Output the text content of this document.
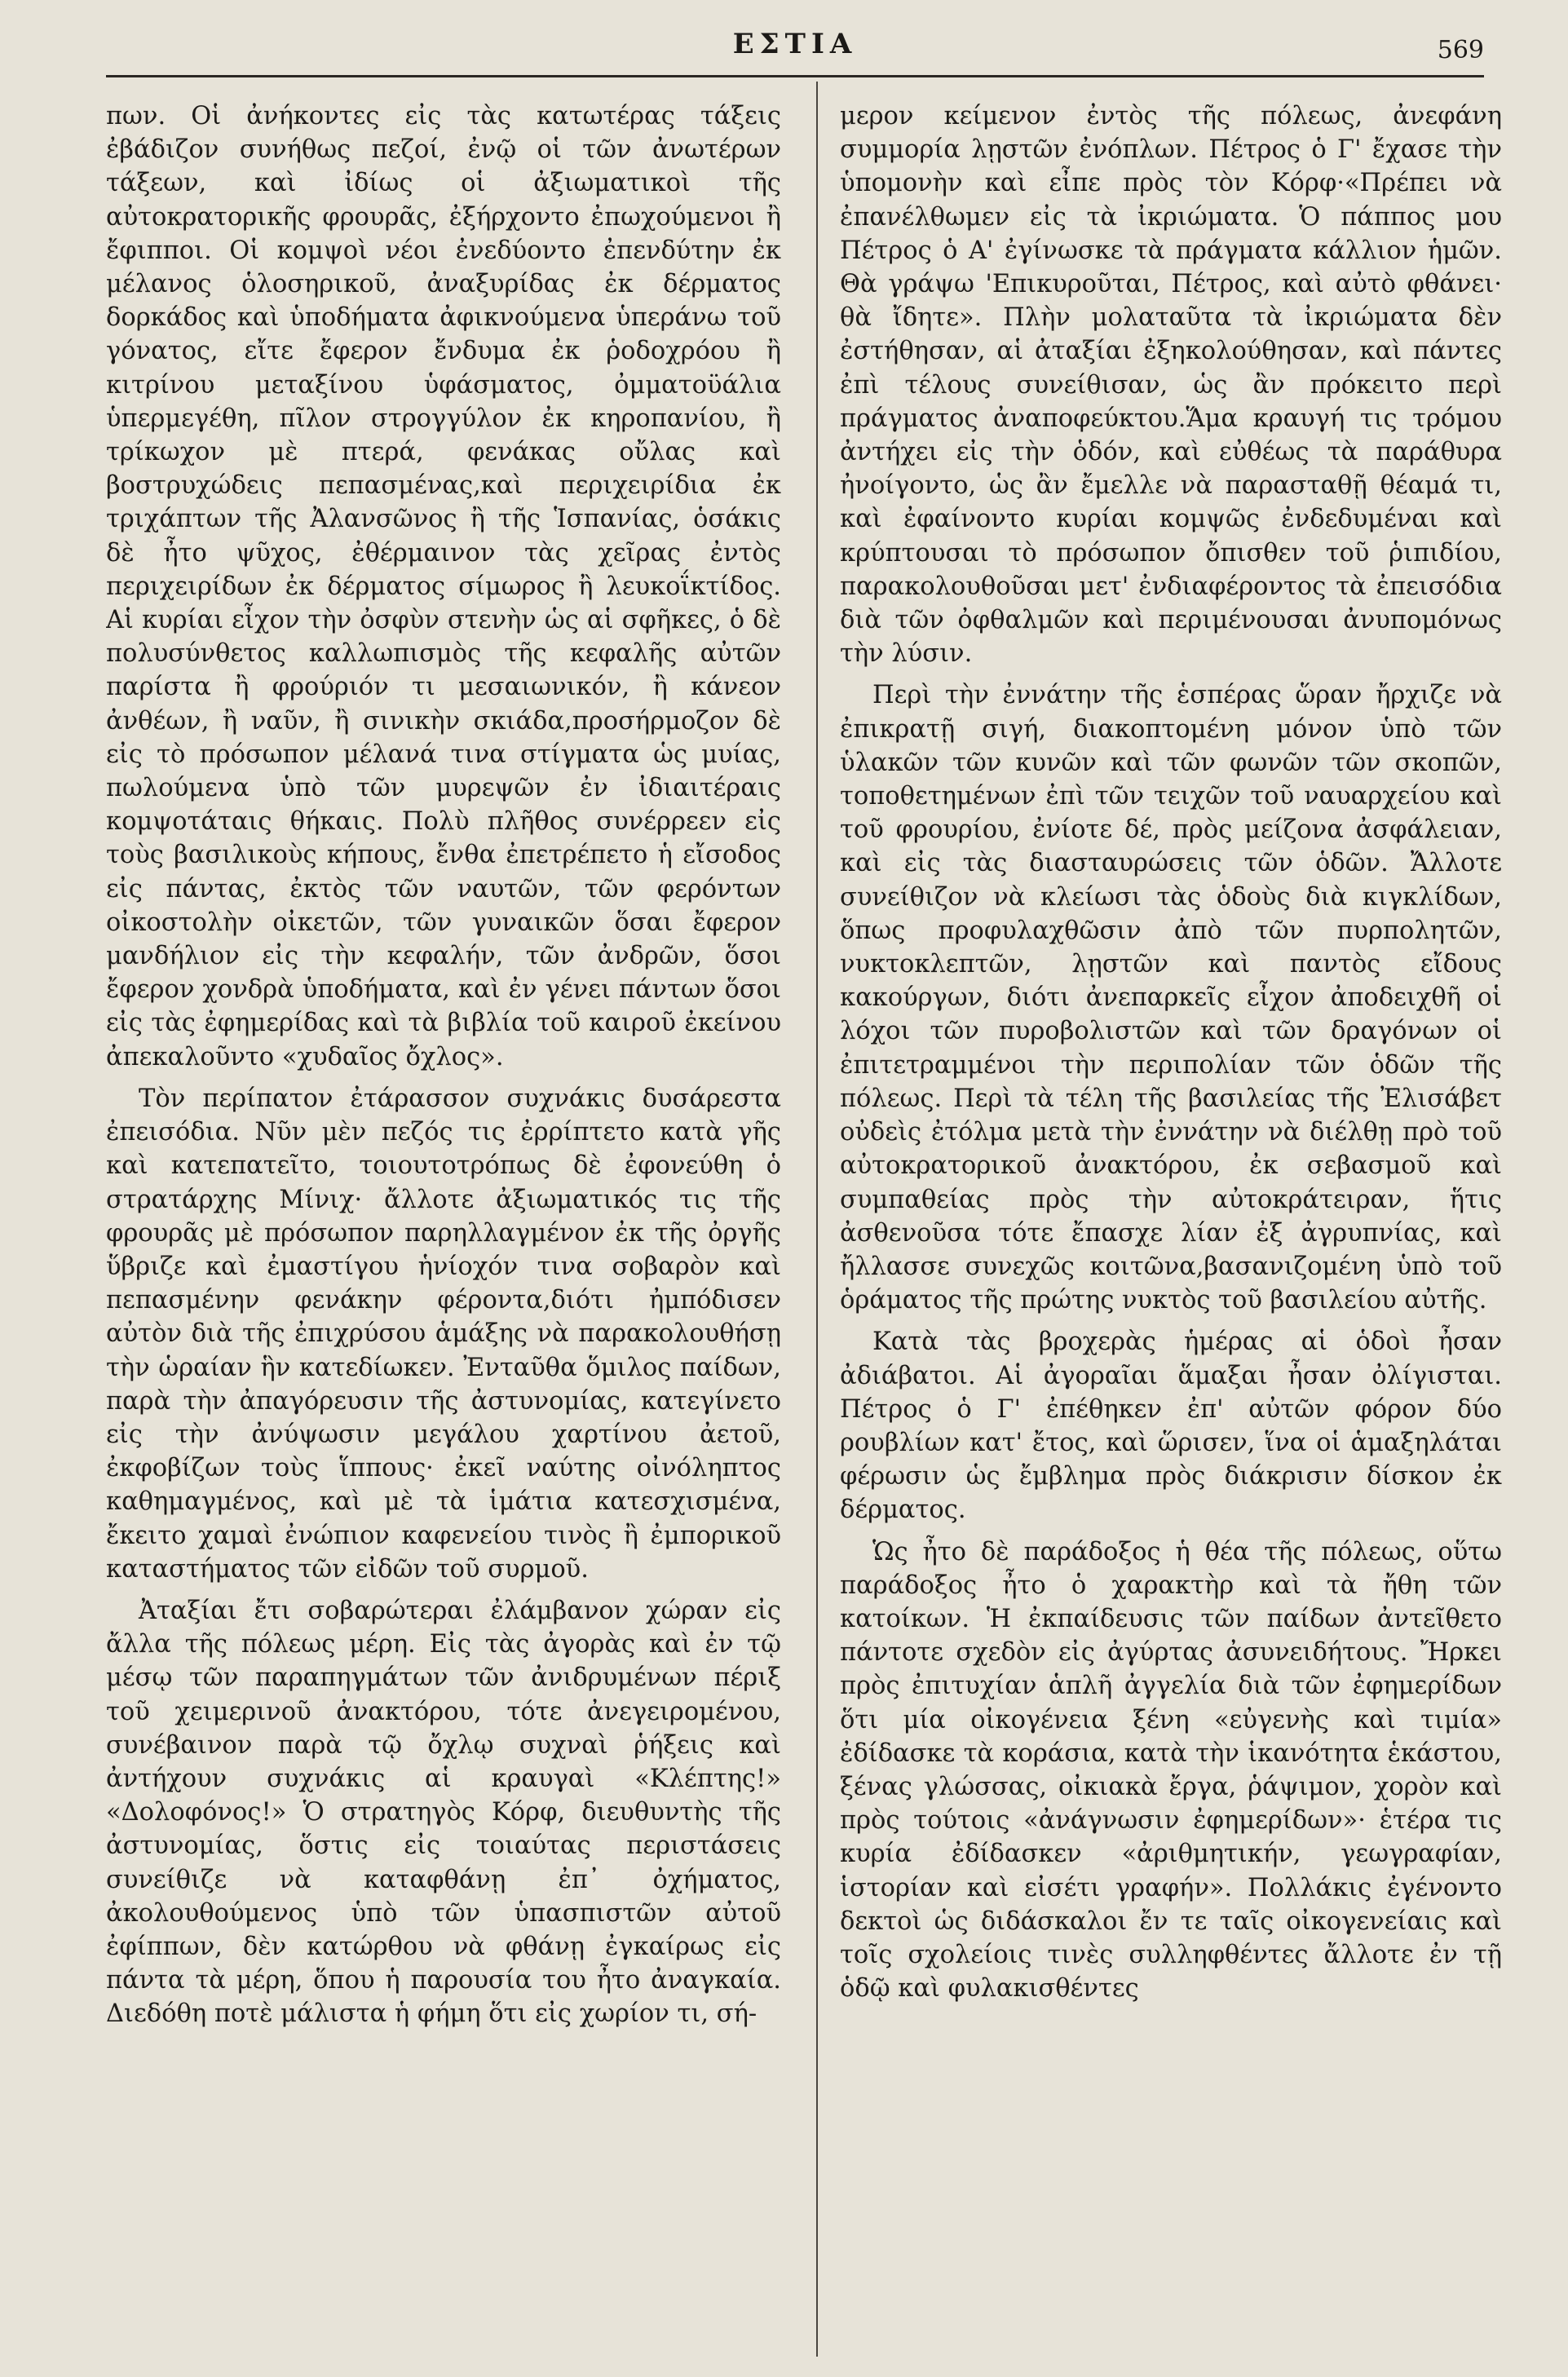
ΕΣΤΙΑ	569

πων. Οἱ ἀνήκοντες εἰς τὰς κατωτέρας τάξεις ἐβάδιζον συνήθως πεζοί, ἐνῷ οἱ τῶν ἀνωτέρων τάξεων, καὶ ἰδίως οἱ ἀξιωματικοὶ τῆς αὐτοκρατορικῆς φρουρᾶς, ἐξήρχοντο ἐπωχούμενοι ἢ ἔφιπποι. Οἱ κομψοὶ νέοι ἐνεδύοντο ἐπενδύτην ἐκ μέλανος ὁλοσηρικοῦ, ἀναξυρίδας ἐκ δέρματος δορκάδος καὶ ὑποδήματα ἀφικνούμενα ὑπεράνω τοῦ γόνατος, εἴτε ἔφερον ἔνδυμα ἐκ ῥοδοχρόου ἢ κιτρίνου μεταξίνου ὑφάσματος, ὀμματοϋάλια ὑπερμεγέθη, πῖλον στρογγύλον ἐκ κηροπανίου, ἢ τρίκωχον μὲ πτερά, φενάκας οὔλας καὶ βοστρυχώδεις πεπασμένας,καὶ περιχειρίδια ἐκ τριχάπτων τῆς Ἀλανσῶνος ἢ τῆς Ἱσπανίας, ὁσάκις δὲ ἦτο ψῦχος, ἐθέρμαινον τὰς χεῖρας ἐντὸς περιχειρίδων ἐκ δέρματος σίμωρος ἢ λευκοΐκτίδος. Αἱ κυρίαι εἶχον τὴν ὀσφὺν στενὴν ὡς αἱ σφῆκες, ὁ δὲ πολυσύνθετος καλλωπισμὸς τῆς κεφαλῆς αὐτῶν παρίστα ἢ φρούριόν τι μεσαιωνικόν, ἢ κάνεον ἀνθέων, ἢ ναῦν, ἢ σινικὴν σκιάδα,προσήρμοζον δὲ εἰς τὸ πρόσωπον μέλανά τινα στίγματα ὡς μυίας, πωλούμενα ὑπὸ τῶν μυρεψῶν ἐν ἰδιαιτέραις κομψοτάταις θήκαις. Πολὺ πλῆθος συνέρρεεν εἰς τοὺς βασιλικοὺς κήπους, ἔνθα ἐπετρέπετο ἡ εἴσοδος εἰς πάντας, ἐκτὸς τῶν ναυτῶν, τῶν φερόντων οἰκοστολὴν οἰκετῶν, τῶν γυναικῶν ὅσαι ἔφερον μανδήλιον εἰς τὴν κεφαλήν, τῶν ἀνδρῶν, ὅσοι ἔφερον χονδρὰ ὑποδήματα, καὶ ἐν γένει πάντων ὅσοι εἰς τὰς ἐφημερίδας καὶ τὰ βιβλία τοῦ καιροῦ ἐκείνου ἀπεκαλοῦντο «χυδαῖος ὄχλος».

Τὸν περίπατον ἐτάρασσον συχνάκις δυσάρεστα ἐπεισόδια. Νῦν μὲν πεζός τις ἐρρίπτετο κατὰ γῆς καὶ κατεπατεῖτο, τοιουτοτρόπως δὲ ἐφονεύθη ὁ στρατάρχης Μίνιχ· ἄλλοτε ἀξιωματικός τις τῆς φρουρᾶς μὲ πρόσωπον παρηλλαγμένον ἐκ τῆς ὀργῆς ὕβριζε καὶ ἐμαστίγου ἡνίοχόν τινα σοβαρὸν καὶ πεπασμένην φενάκην φέροντα,διότι ἠμπόδισεν αὐτὸν διὰ τῆς ἐπιχρύσου ἁμάξης νὰ παρακολουθήσῃ τὴν ὡραίαν ἣν κατεδίωκεν. Ἐνταῦθα ὅμιλος παίδων, παρὰ τὴν ἀπαγόρευσιν τῆς ἀστυνομίας, κατεγίνετο εἰς τὴν ἀνύψωσιν μεγάλου χαρτίνου ἀετοῦ, ἐκφοβίζων τοὺς ἵππους· ἐκεῖ ναύτης οἰνόληπτος καθημαγμένος, καὶ μὲ τὰ ἱμάτια κατεσχισμένα, ἔκειτο χαμαὶ ἐνώπιον καφενείου τινὸς ἢ ἐμπορικοῦ καταστήματος τῶν εἰδῶν τοῦ συρμοῦ.

Ἀταξίαι ἔτι σοβαρώτεραι ἐλάμβανον χώραν εἰς ἄλλα τῆς πόλεως μέρη. Εἰς τὰς ἀγορὰς καὶ ἐν τῷ μέσῳ τῶν παραπηγμάτων τῶν ἀνιδρυμένων πέριξ τοῦ χειμερινοῦ ἀνακτόρου, τότε ἀνεγειρομένου, συνέβαινον παρὰ τῷ ὄχλῳ συχναὶ ῥήξεις καὶ ἀντήχουν συχνάκις αἱ κραυγαὶ «Κλέπτης!» «Δολοφόνος!» Ὁ στρατηγὸς Κόρφ, διευθυντὴς τῆς ἀστυνομίας, ὅστις εἰς τοιαύτας περιστάσεις συνείθιζε νὰ καταφθάνῃ ἐπ᾽ ὀχήματος, ἀκολουθούμενος ὑπὸ τῶν ὑπασπιστῶν αὐτοῦ ἐφίππων, δὲν κατώρθου νὰ φθάνῃ ἐγκαίρως εἰς πάντα τὰ μέρη, ὅπου ἡ παρουσία του ἦτο ἀναγκαία. Διεδόθη ποτὲ μάλιστα ἡ φήμη ὅτι εἰς χωρίον τι, σή-

μερον κείμενον ἐντὸς τῆς πόλεως, ἀνεφάνη συμμορία λῃστῶν ἐνόπλων. Πέτρος ὁ Γ' ἔχασε τὴν ὑπομονὴν καὶ εἶπε πρὸς τὸν Κόρφ·«Πρέπει νὰ ἐπανέλθωμεν εἰς τὰ ἰκριώματα. Ὁ πάππος μου Πέτρος ὁ Α' ἐγίνωσκε τὰ πράγματα κάλλιον ἡμῶν. Θὰ γράψω 'Επικυροῦται, Πέτρος, καὶ αὐτὸ φθάνει· θὰ ἴδητε». Πλὴν μολαταῦτα τὰ ἰκριώματα δὲν ἐστήθησαν, αἱ ἀταξίαι ἐξηκολούθησαν, καὶ πάντες ἐπὶ τέλους συνείθισαν, ὡς ἂν πρόκειτο περὶ πράγματος ἀναποφεύκτου.Ἅμα κραυγή τις τρόμου ἀντήχει εἰς τὴν ὁδόν, καὶ εὐθέως τὰ παράθυρα ἠνοίγοντο, ὡς ἂν ἔμελλε νὰ παρασταθῇ θέαμά τι, καὶ ἐφαίνοντο κυρίαι κομψῶς ἐνδεδυμέναι καὶ κρύπτουσαι τὸ πρόσωπον ὄπισθεν τοῦ ῥιπιδίου, παρακολουθοῦσαι μετ' ἐνδιαφέροντος τὰ ἐπεισόδια διὰ τῶν ὀφθαλμῶν καὶ περιμένουσαι ἀνυπομόνως τὴν λύσιν.

Περὶ τὴν ἐννάτην τῆς ἑσπέρας ὥραν ἤρχιζε νὰ ἐπικρατῇ σιγή, διακοπτομένη μόνον ὑπὸ τῶν ὑλακῶν τῶν κυνῶν καὶ τῶν φωνῶν τῶν σκοπῶν, τοποθετημένων ἐπὶ τῶν τειχῶν τοῦ ναυαρχείου καὶ τοῦ φρουρίου, ἐνίοτε δέ, πρὸς μείζονα ἀσφάλειαν, καὶ εἰς τὰς διασταυρώσεις τῶν ὁδῶν. Ἄλλοτε συνείθιζον νὰ κλείωσι τὰς ὁδοὺς διὰ κιγκλίδων, ὅπως προφυλαχθῶσιν ἀπὸ τῶν πυρπολητῶν, νυκτοκλεπτῶν, λῃστῶν καὶ παντὸς εἴδους κακούργων, διότι ἀνεπαρκεῖς εἶχον ἀποδειχθῆ οἱ λόχοι τῶν πυροβολιστῶν καὶ τῶν δραγόνων οἱ ἐπιτετραμμένοι τὴν περιπολίαν τῶν ὁδῶν τῆς πόλεως. Περὶ τὰ τέλη τῆς βασιλείας τῆς Ἐλισάβετ οὐδεὶς ἐτόλμα μετὰ τὴν ἐννάτην νὰ διέλθῃ πρὸ τοῦ αὐτοκρατορικοῦ ἀνακτόρου, ἐκ σεβασμοῦ καὶ συμπαθείας πρὸς τὴν αὐτοκράτειραν, ἥτις ἀσθενοῦσα τότε ἔπασχε λίαν ἐξ ἀγρυπνίας, καὶ ἤλλασσε συνεχῶς κοιτῶνα,βασανιζομένη ὑπὸ τοῦ ὁράματος τῆς πρώτης νυκτὸς τοῦ βασιλείου αὐτῆς.

Κατὰ τὰς βροχερὰς ἡμέρας αἱ ὁδοὶ ἦσαν ἀδιάβατοι. Αἱ ἀγοραῖαι ἅμαξαι ἦσαν ὀλίγισται. Πέτρος ὁ Γ' ἐπέθηκεν ἐπ' αὐτῶν φόρον δύο ρουβλίων κατ' ἔτος, καὶ ὥρισεν, ἵνα οἱ ἁμαξηλάται φέρωσιν ὡς ἔμβλημα πρὸς διάκρισιν δίσκον ἐκ δέρματος.

Ὡς ἦτο δὲ παράδοξος ἡ θέα τῆς πόλεως, οὕτω παράδοξος ἦτο ὁ χαρακτὴρ καὶ τὰ ἤθη τῶν κατοίκων. Ἡ ἐκπαίδευσις τῶν παίδων ἀντεῖθετο πάντοτε σχεδὸν εἰς ἀγύρτας ἀσυνειδήτους. Ἤρκει πρὸς ἐπιτυχίαν ἁπλῆ ἀγγελία διὰ τῶν ἐφημερίδων ὅτι μία οἰκογένεια ξένη «εὐγενὴς καὶ τιμία» ἐδίδασκε τὰ κοράσια, κατὰ τὴν ἱκανότητα ἑκάστου, ξένας γλώσσας, οἰκιακὰ ἔργα, ῥάψιμον, χορὸν καὶ πρὸς τούτοις «ἀνάγνωσιν ἐφημερίδων»· ἑτέρα τις κυρία ἐδίδασκεν «ἀριθμητικήν, γεωγραφίαν, ἱστορίαν καὶ εἰσέτι γραφήν». Πολλάκις ἐγένοντο δεκτοὶ ὡς διδάσκαλοι ἔν τε ταῖς οἰκογενείαις καὶ τοῖς σχολείοις τινὲς συλληφθέντες ἄλλοτε ἐν τῇ ὁδῷ καὶ φυλακισθέντες
